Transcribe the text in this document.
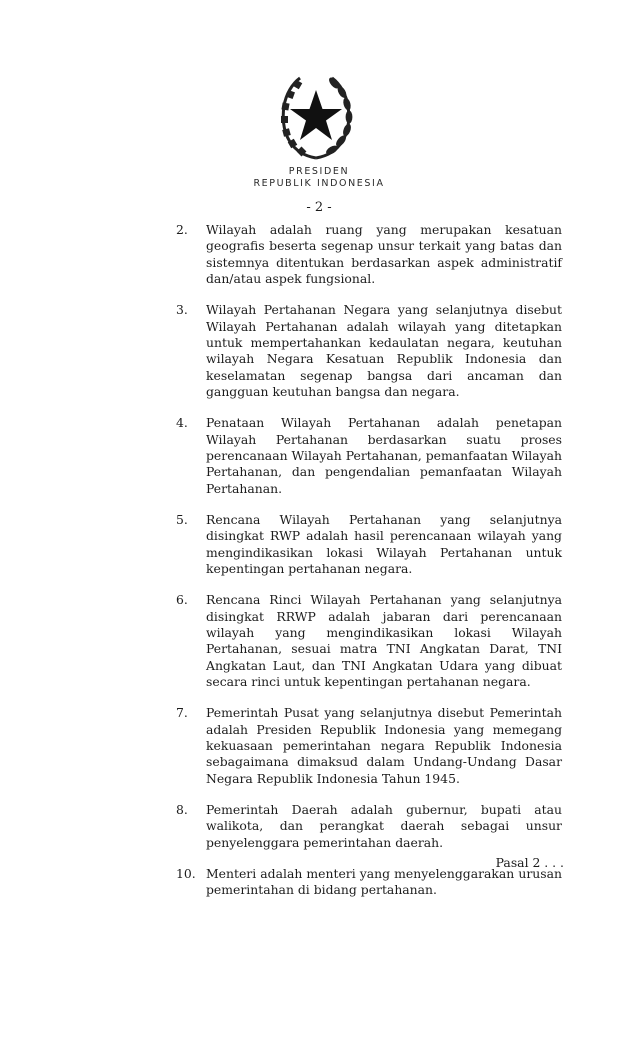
PRESIDEN
REPUBLIK INDONESIA
- 2 -
2. Wilayah adalah ruang yang merupakan kesatuan geografis beserta segenap unsur terkait yang batas dan sistemnya ditentukan berdasarkan aspek administratif dan/atau aspek fungsional.
3. Wilayah Pertahanan Negara yang selanjutnya disebut Wilayah Pertahanan adalah wilayah yang ditetapkan untuk mempertahankan kedaulatan negara, keutuhan wilayah Negara Kesatuan Republik Indonesia dan keselamatan segenap bangsa dari ancaman dan gangguan keutuhan bangsa dan negara.
4. Penataan Wilayah Pertahanan adalah penetapan Wilayah Pertahanan berdasarkan suatu proses perencanaan Wilayah Pertahanan, pemanfaatan Wilayah Pertahanan, dan pengendalian pemanfaatan Wilayah Pertahanan.
5. Rencana Wilayah Pertahanan yang selanjutnya disingkat RWP adalah hasil perencanaan wilayah yang mengindikasikan lokasi Wilayah Pertahanan untuk kepentingan pertahanan negara.
6. Rencana Rinci Wilayah Pertahanan yang selanjutnya disingkat RRWP adalah jabaran dari perencanaan wilayah yang mengindikasikan lokasi Wilayah Pertahanan, sesuai matra TNI Angkatan Darat, TNI Angkatan Laut, dan TNI Angkatan Udara yang dibuat secara rinci untuk kepentingan pertahanan negara.
7. Pemerintah Pusat yang selanjutnya disebut Pemerintah adalah Presiden Republik Indonesia yang memegang kekuasaan pemerintahan negara Republik Indonesia sebagaimana dimaksud dalam Undang-Undang Dasar Negara Republik Indonesia Tahun 1945.
8. Pemerintah Daerah adalah gubernur, bupati atau walikota, dan perangkat daerah sebagai unsur penyelenggara pemerintahan daerah.
10. Menteri adalah menteri yang menyelenggarakan urusan pemerintahan di bidang pertahanan.
Pasal 2 . . .
